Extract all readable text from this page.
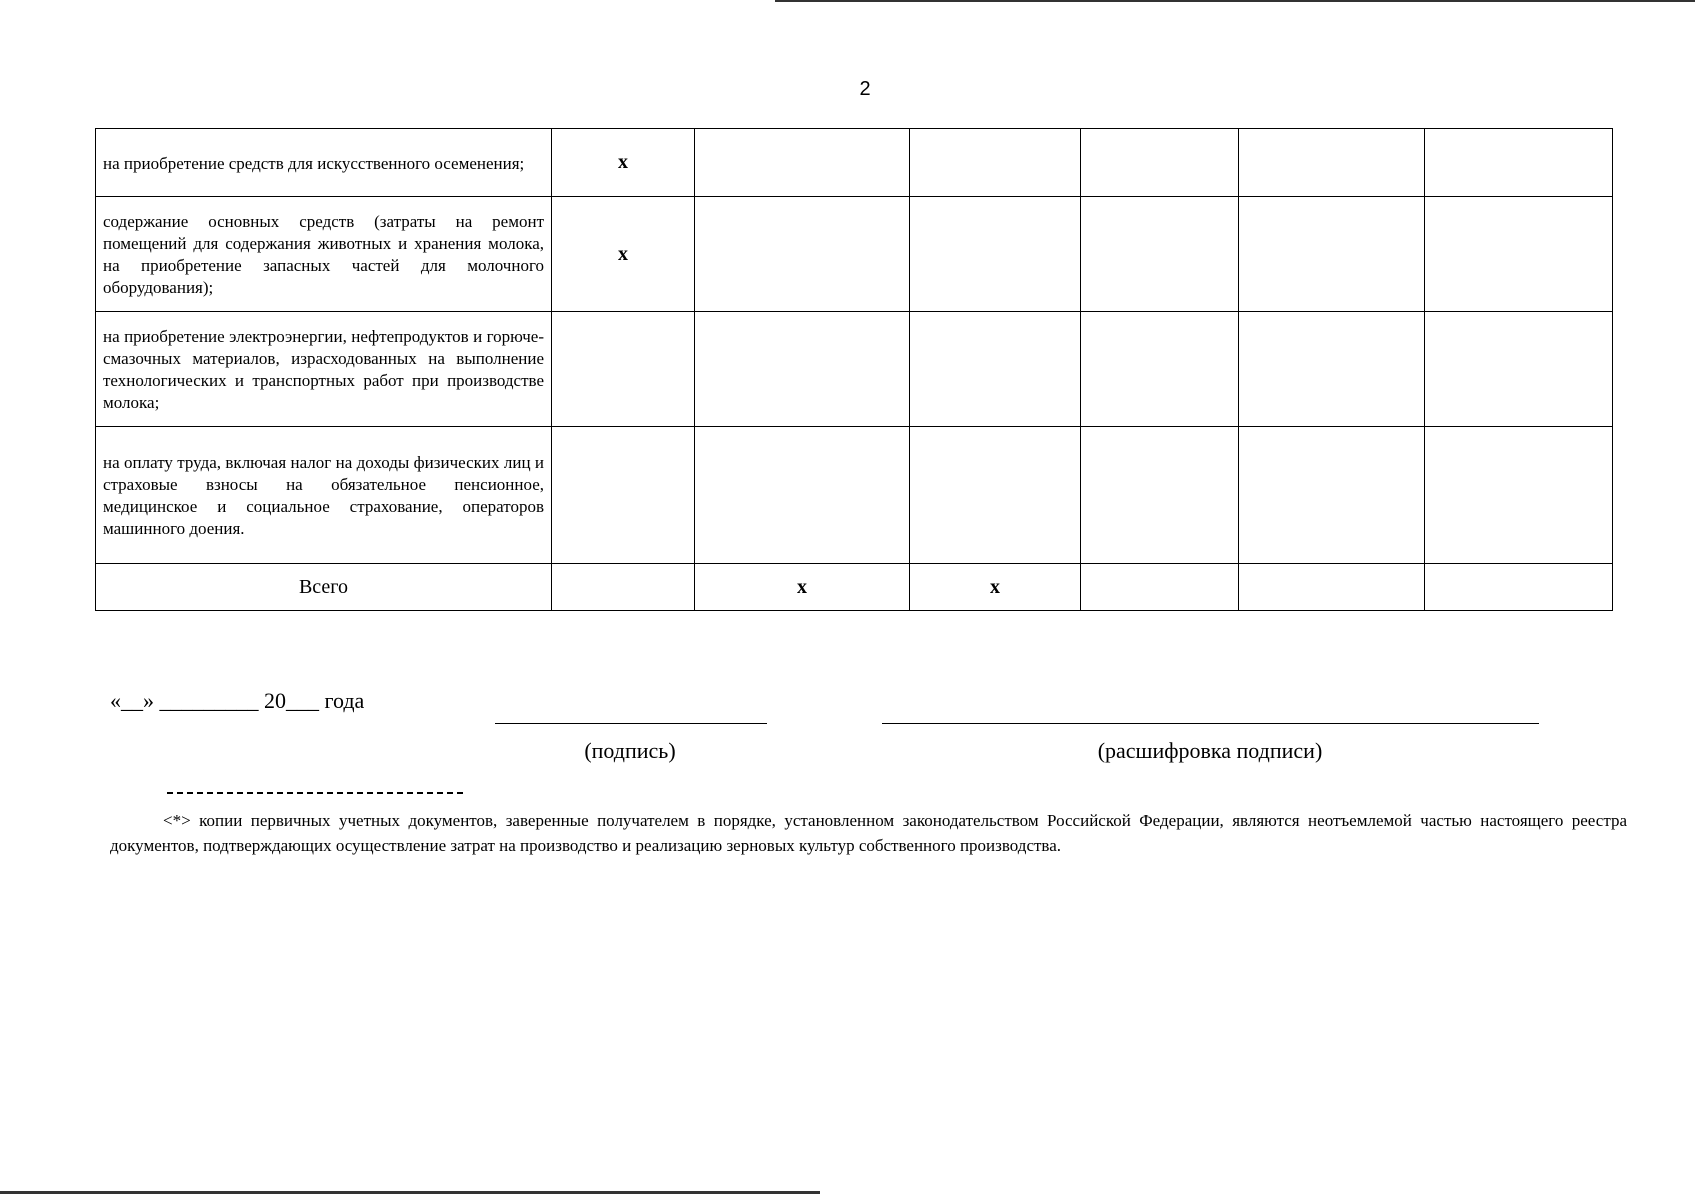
2
на приобретение средств для искусственного осеменения;	x					
содержание основных средств (затраты на ремонт помещений для содержания животных и хранения молока, на приобретение запасных частей для молочного оборудования);	x					
на приобретение электроэнергии, нефтепродуктов и горюче-смазочных материалов, израсходованных на выполнение технологических и транспортных работ при производстве молока;						
на оплату труда, включая налог на доходы физических лиц и страховые взносы на обязательное пенсионное, медицинское и социальное страхование, операторов машинного доения.						
Всего		x	x			
«__» _________ 20___ года
(подпись)	(расшифровка подписи)
<*> копии первичных учетных документов, заверенные получателем в порядке, установленном законодательством Российской Федерации, являются неотъемлемой частью настоящего реестра документов, подтверждающих осуществление затрат на производство и реализацию зерновых культур собственного производства.
